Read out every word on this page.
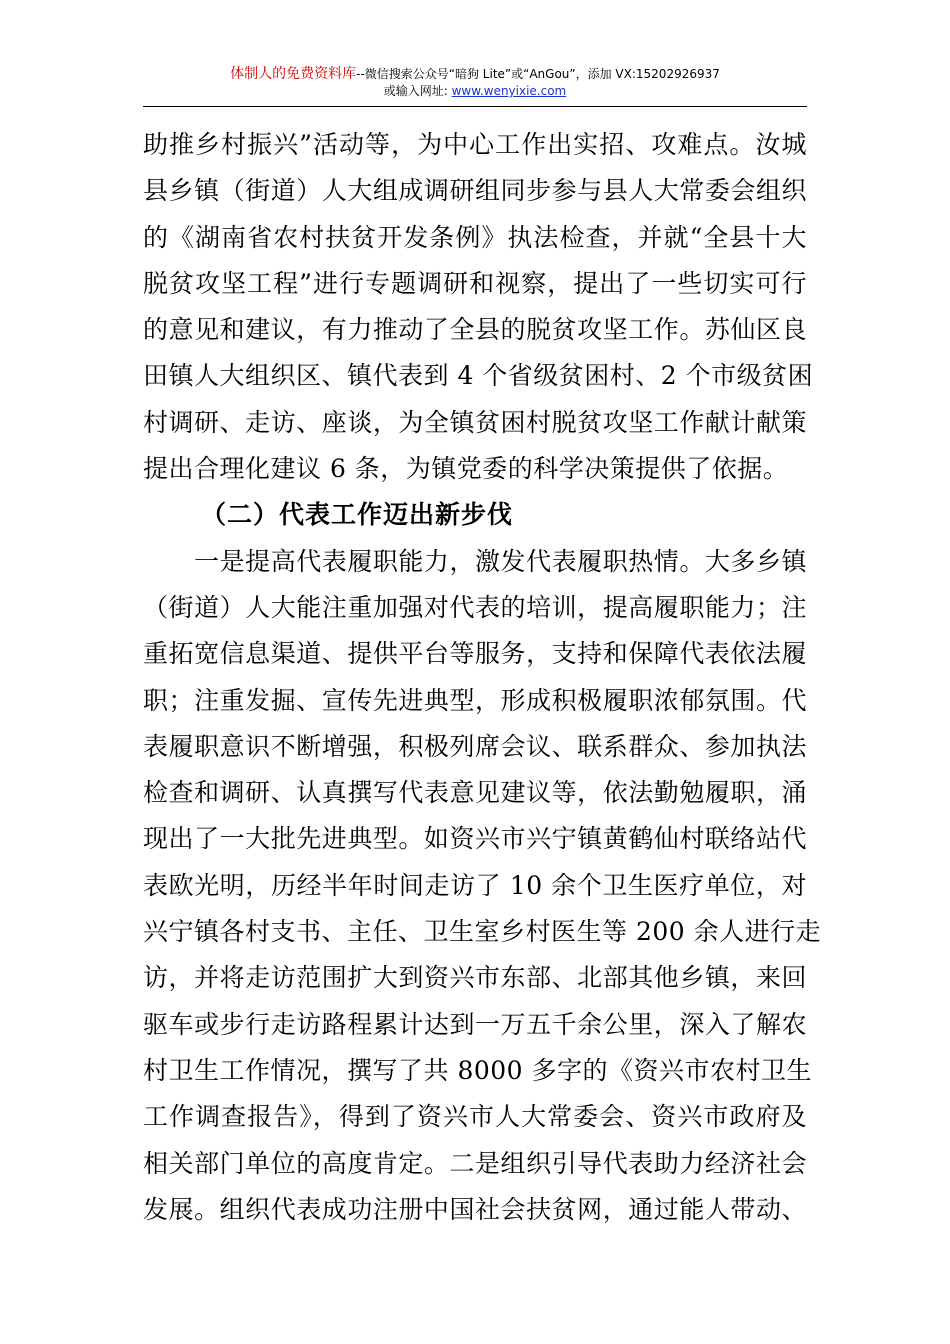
体制人的免费资料库--微信搜索公众号“暗狗 Lite”或“AnGou”，添加 VX:15202926937
或输入网址: www.wenyixie.com
助推乡村振兴”活动等，为中心工作出实招、攻难点。汝城
县乡镇（街道）人大组成调研组同步参与县人大常委会组织
的《湖南省农村扶贫开发条例》执法检查，并就“全县十大
脱贫攻坚工程”进行专题调研和视察，提出了一些切实可行
的意见和建议，有力推动了全县的脱贫攻坚工作。苏仙区良
田镇人大组织区、镇代表到 4 个省级贫困村、2 个市级贫困
村调研、走访、座谈，为全镇贫困村脱贫攻坚工作献计献策
提出合理化建议 6 条，为镇党委的科学决策提供了依据。
（二）代表工作迈出新步伐
　　一是提高代表履职能力，激发代表履职热情。大多乡镇
（街道）人大能注重加强对代表的培训，提高履职能力；注
重拓宽信息渠道、提供平台等服务，支持和保障代表依法履
职；注重发掘、宣传先进典型，形成积极履职浓郁氛围。代
表履职意识不断增强，积极列席会议、联系群众、参加执法
检查和调研、认真撰写代表意见建议等，依法勤勉履职，涌
现出了一大批先进典型。如资兴市兴宁镇黄鹤仙村联络站代
表欧光明，历经半年时间走访了 10 余个卫生医疗单位，对
兴宁镇各村支书、主任、卫生室乡村医生等 200 余人进行走
访，并将走访范围扩大到资兴市东部、北部其他乡镇，来回
驱车或步行走访路程累计达到一万五千余公里，深入了解农
村卫生工作情况，撰写了共 8000 多字的《资兴市农村卫生
工作调查报告》，得到了资兴市人大常委会、资兴市政府及
相关部门单位的高度肯定。二是组织引导代表助力经济社会
发展。组织代表成功注册中国社会扶贫网，通过能人带动、
